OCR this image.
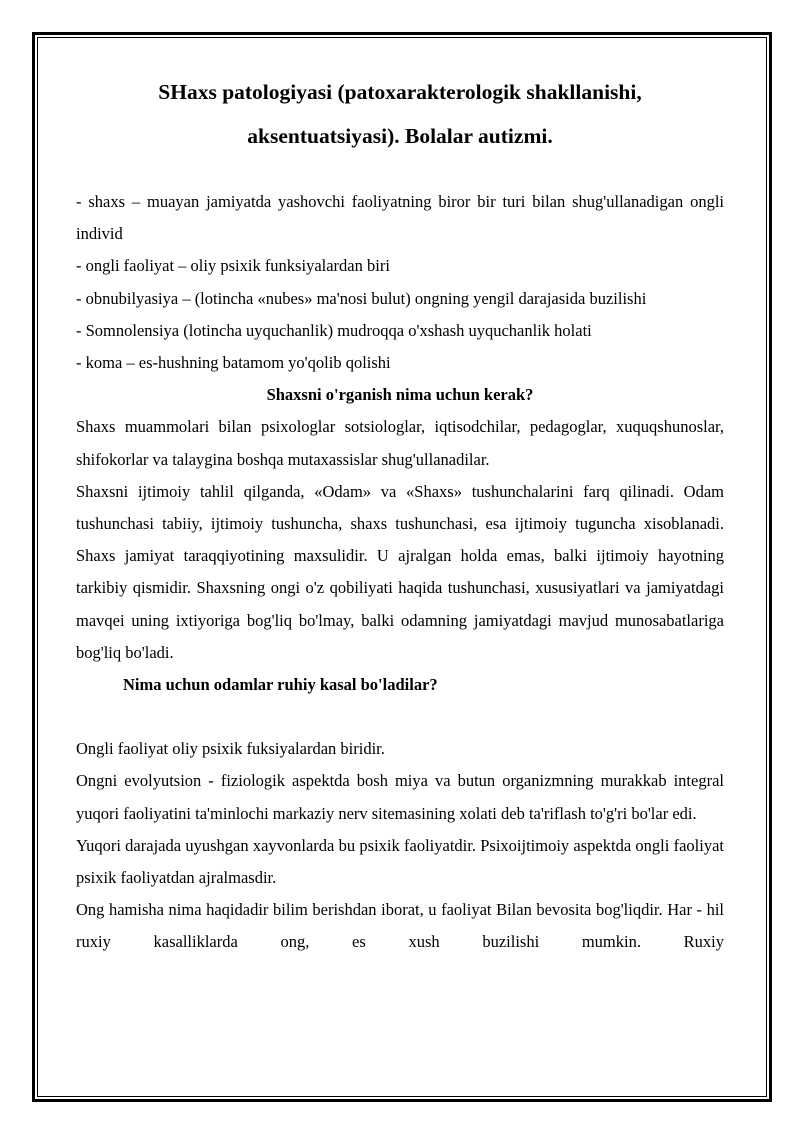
SHaxs patologiyasi (patoxarakterologik shakllanishi,
aksentuatsiyasi). Bolalar autizmi.

- shaxs – muayan jamiyatda yashovchi faoliyatning biror bir turi bilan shug'ullanadigan ongli individ

- ongli faoliyat – oliy psixik funksiyalardan biri

- obnubilyasiya – (lotincha «nubes» ma'nosi bulut) ongning yengil darajasida buzilishi

- Somnolensiya (lotincha uyquchanlik) mudroqqa o'xshash uyquchanlik holati

- koma – es-hushning batamom yo'qolib qolishi

Shaxsni o'rganish nima uchun kerak?

Shaxs muammolari bilan psixologlar sotsiologlar, iqtisodchilar, pedagoglar, xuquqshunoslar, shifokorlar va talaygina boshqa mutaxassislar shug'ullanadilar.

Shaxsni ijtimoiy tahlil qilganda, «Odam» va «Shaxs» tushunchalarini farq qilinadi. Odam tushunchasi tabiiy, ijtimoiy tushuncha, shaxs tushunchasi, esa ijtimoiy tuguncha xisoblanadi. Shaxs jamiyat taraqqiyotining maxsulidir. U ajralgan holda emas, balki ijtimoiy hayotning tarkibiy qismidir. Shaxsning ongi o'z qobiliyati haqida tushunchasi, xususiyatlari va jamiyatdagi mavqei uning ixtiyoriga bog'liq bo'lmay, balki odamning jamiyatdagi mavjud munosabatlariga bog'liq bo'ladi.

Nima uchun odamlar ruhiy kasal bo'ladilar?

Ongli faoliyat oliy psixik fuksiyalardan biridir.

Ongni evolyutsion - fiziologik aspektda bosh miya va butun organizmning murakkab integral yuqori faoliyatini ta'minlochi markaziy nerv sitemasining xolati deb ta'riflash to'g'ri bo'lar edi.

Yuqori darajada uyushgan xayvonlarda bu psixik faoliyatdir. Psixoijtimoiy aspektda ongli faoliyat psixik faoliyatdan ajralmasdir.

Ong hamisha nima haqidadir bilim berishdan iborat, u faoliyat Bilan bevosita bog'liqdir. Har - hil ruxiy kasalliklarda ong, es xush buzilishi mumkin. Ruxiy
